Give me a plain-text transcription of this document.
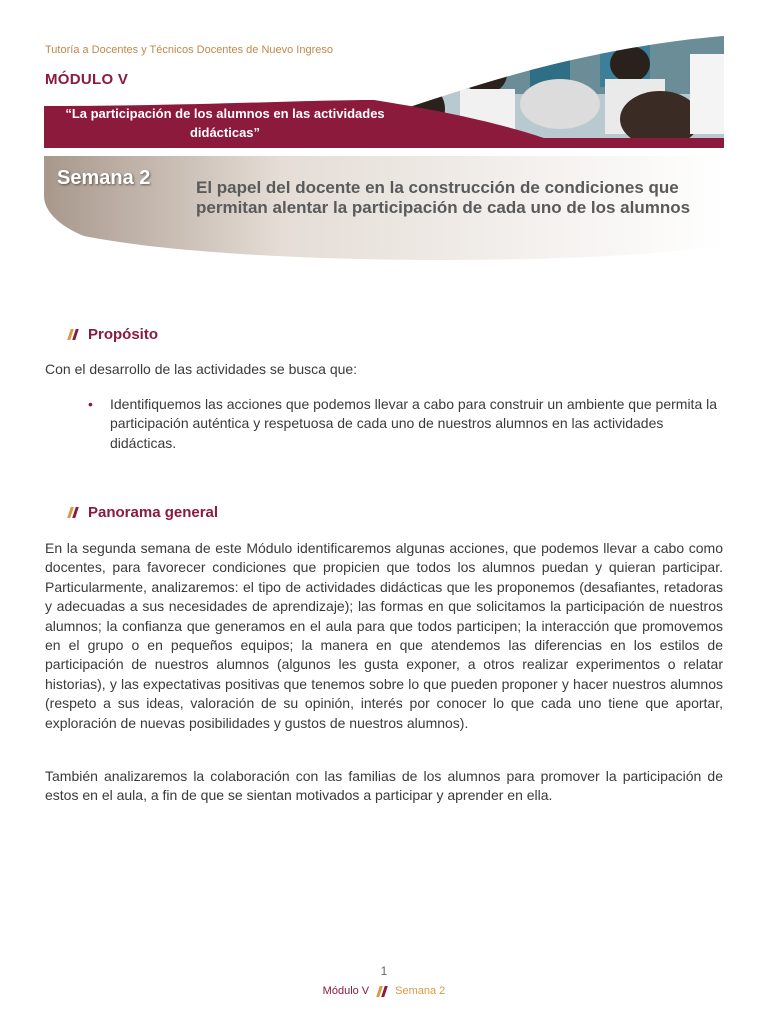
Tutoría a Docentes y Técnicos Docentes de Nuevo Ingreso
MÓDULO V
“La participación de los alumnos en las actividades didácticas”
Semana 2	El papel del docente en la construcción de condiciones que permitan alentar la participación de cada uno de los alumnos
Propósito

Con el desarrollo de las actividades se busca que:

• Identifiquemos las acciones que podemos llevar a cabo para construir un ambiente que permita la participación auténtica y respetuosa de cada uno de nuestros alumnos en las actividades didácticas.
Panorama general

En la segunda semana de este Módulo identificaremos algunas acciones, que podemos llevar a cabo como docentes, para favorecer condiciones que propicien que todos los alumnos puedan y quieran participar. Particularmente, analizaremos: el tipo de actividades didácticas que les proponemos (desafiantes, retadoras y adecuadas a sus necesidades de aprendizaje); las formas en que solicitamos la participación de nuestros alumnos; la confianza que generamos en el aula para que todos participen; la interacción que promovemos en el grupo o en pequeños equipos; la manera en que atendemos las diferencias en los estilos de participación de nuestros alumnos (algunos les gusta exponer, a otros realizar experimentos o relatar historias), y las expectativas positivas que tenemos sobre lo que pueden proponer y hacer nuestros alumnos (respeto a sus ideas, valoración de su opinión, interés por conocer lo que cada uno tiene que aportar, exploración de nuevas posibilidades y gustos de nuestros alumnos).

También analizaremos la colaboración con las familias de los alumnos para promover la participación de estos en el aula, a fin de que se sientan motivados a participar y aprender en ella.

1
Módulo V Semana 2
